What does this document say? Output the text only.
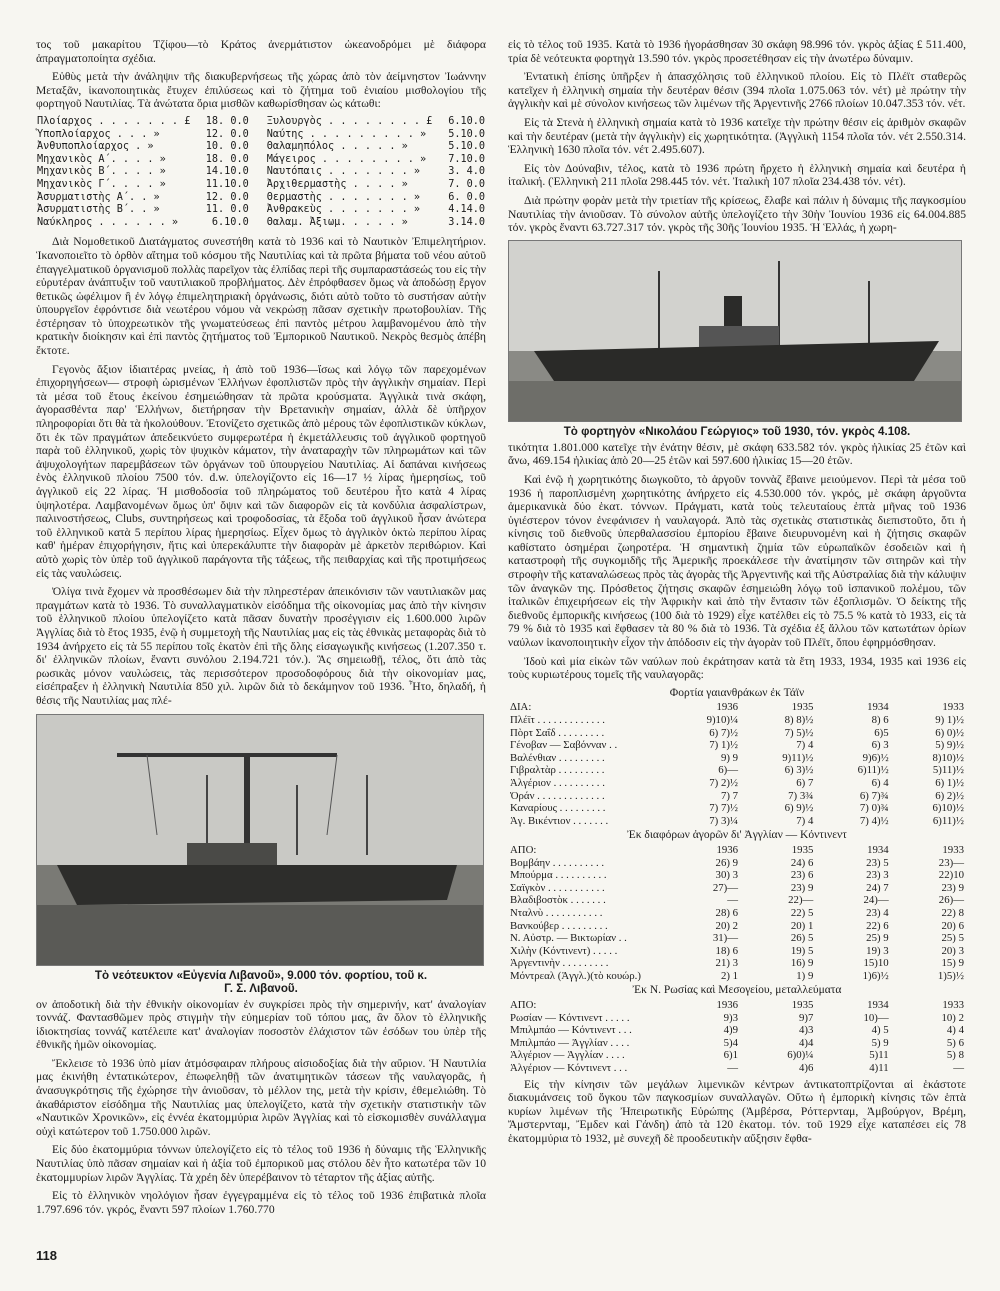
τος τοῦ μακαρίτου Τζίφου—τὸ Κράτος ἀνερμάτιστον ὠκεανοδρόμει μὲ διάφορα ἀπραγματοποίητα σχέδια.

Εὐθὺς μετὰ τὴν ἀνάληψιν τῆς διακυβερνήσεως τῆς χώρας ἀπὸ τὸν ἀείμνηστον Ἰωάννην Μεταξᾶν, ἱκανοποιητικὰς ἔτυχεν ἐπιλύσεως καὶ τὸ ζήτημα τοῦ ἑνιαίου μισθολογίου τῆς φορτηγοῦ Ναυτιλίας. Τὰ ἀνώτατα ὅρια μισθῶν καθωρίσθησαν ὡς κάτωθι:

Πλοίαρχος . . . . . . . £	18. 0.0		Ξυλουργὸς . . . . . . . . £	6.10.0
Ὑποπλοίαρχος . . . »	12. 0.0		Ναύτης . . . . . . . . . »	5.10.0
Ἀνθυποπλοίαρχος . »	10. 0.0		Θαλαμηπόλος . . . . . »	5.10.0
Μηχανικὸς Α΄. . . . »	18. 0.0		Μάγειρος . . . . . . . . »	7.10.0
Μηχανικὸς Β΄. . . . »	14.10.0		Ναυτόπαις . . . . . . . »	3. 4.0
Μηχανικὸς Γ΄. . . . »	11.10.0		Ἀρχιθερμαστὴς . . . . »	7. 0.0
Ἀσυρματιστὴς Α΄. . »	12. 0.0		Θερμαστὴς . . . . . . . »	6. 0.0
Ἀσυρματιστὴς Β΄. . »	11. 0.0		Ἀνθρακεὺς . . . . . . . »	4.14.0
Ναύκληρος . . . . . . »	6.10.0		Θαλαμ. Ἀξιωμ. . . . . »	3.14.0

Διὰ Νομοθετικοῦ Διατάγματος συνεστήθη κατὰ τὸ 1936 καὶ τὸ Ναυτικὸν Ἐπιμελητήριον. Ἱκανοποιεῖτο τὸ ὀρθὸν αἴτημα τοῦ κόσμου τῆς Ναυτιλίας καὶ τὰ πρῶτα βήματα τοῦ νέου αὐτοῦ ἐπαγγελματικοῦ ὀργανισμοῦ πολλὰς παρεῖχον τὰς ἐλπίδας περὶ τῆς συμπαραστάσεώς του εἰς τὴν εὐρυτέραν ἀνάπτυξιν τοῦ ναυτιλιακοῦ προβλήματος. Δὲν ἐπρόφθασεν ὅμως νὰ ἀποδώσῃ ἔργον θετικῶς ὠφέλιμον ἢ ἐν λόγῳ ἐπιμελητηριακὴ ὀργάνωσις, διότι αὐτὸ τοῦτο τὸ συστήσαν αὐτὴν ὑπουργεῖον ἐφρόντισε διὰ νεωτέρου νόμου νὰ νεκρώσῃ πᾶσαν σχετικὴν πρωτοβουλίαν. Τῆς ἐστέρησαν τὸ ὑποχρεωτικὸν τῆς γνωματεύσεως ἐπὶ παντὸς μέτρου λαμβανομένου ἀπὸ τὴν κρατικὴν διοίκησιν καὶ ἐπὶ παντὸς ζητήματος τοῦ Ἐμπορικοῦ Ναυτικοῦ. Νεκρὸς θεσμὸς ἀπέβη ἔκτοτε.

Γεγονὸς ἄξιον ἰδιαιτέρας μνείας, ἡ ἀπὸ τοῦ 1936—ἴσως καὶ λόγῳ τῶν παρεχομένων ἐπιχορηγήσεων— στροφὴ ὡρισμένων Ἑλλήνων ἐφοπλιστῶν πρὸς τὴν ἀγγλικὴν σημαίαν. Περὶ τὰ μέσα τοῦ ἔτους ἐκείνου ἐσημειώθησαν τὰ πρῶτα κρούσματα. Ἀγγλικὰ τινὰ σκάφη, ἀγορασθέντα παρ' Ἑλλήνων, διετήρησαν τὴν Βρετανικὴν σημαίαν, ἀλλὰ δὲ ὑπῆρχον πληροφορίαι ὅτι θὰ τὰ ἠκολούθουν. Ἐτονίζετο σχετικῶς ἀπὸ μέρους τῶν ἐφοπλιστικῶν κύκλων, ὅτι ἐκ τῶν πραγμάτων ἀπεδεικνύετο συμφερωτέρα ἡ ἐκμετάλλευσις τοῦ ἀγγλικοῦ φορτηγοῦ παρὰ τοῦ ἑλληνικοῦ, χωρὶς τὸν ψυχικὸν κάματον, τὴν ἀναταραχὴν τῶν πληρωμάτων καὶ τῶν ἀψυχολογήτων παρεμβάσεων τῶν ὀργάνων τοῦ ὑπουργείου Ναυτιλίας. Αἱ δαπάναι κινήσεως ἑνὸς ἑλληνικοῦ πλοίου 7500 τόν. d.w. ὑπελογίζοντο εἰς 16—17 ½ λίρας ἡμερησίως, τοῦ ἀγγλικοῦ εἰς 22 λίρας. Ἡ μισθοδοσία τοῦ πληρώματος τοῦ δευτέρου ἦτο κατὰ 4 λίρας ὑψηλοτέρα. Λαμβανομένων ὅμως ὑπ' ὄψιν καὶ τῶν διαφορῶν εἰς τὰ κονδύλια ἀσφαλίστρων, παλινοστήσεως, Clubs, συντηρήσεως καὶ τροφοδοσίας, τὰ ἔξοδα τοῦ ἀγγλικοῦ ἦσαν ἀνώτερα τοῦ ἑλληνικοῦ κατὰ 5 περίπου λίρας ἡμερησίως. Εἶχεν ὅμως τὸ ἀγγλικὸν ὀκτὼ περίπου λίρας καθ' ἡμέραν ἐπιχορήγησιν, ἥτις καὶ ὑπερεκάλυπτε τὴν διαφορὰν μὲ ἀρκετὸν περιθώριον. Καὶ αὐτὸ χωρὶς τὸν ὑπὲρ τοῦ ἀγγλικοῦ παράγοντα τῆς τάξεως, τῆς πειθαρχίας καὶ τῆς προτιμήσεως εἰς τὰς ναυλώσεις.

Ὀλίγα τινὰ ἔχομεν νὰ προσθέσωμεν διὰ τὴν πληρεστέραν ἀπεικόνισιν τῶν ναυτιλιακῶν μας πραγμάτων κατὰ τὸ 1936. Τὸ συναλλαγματικὸν εἰσόδημα τῆς οἰκονομίας μας ἀπὸ τὴν κίνησιν τοῦ ἑλληνικοῦ πλοίου ὑπελογίζετο κατὰ πᾶσαν δυνατὴν προσέγγισιν εἰς 1.600.000 λιρῶν Ἀγγλίας διὰ τὸ ἔτος 1935, ἐνῷ ἡ συμμετοχὴ τῆς Ναυτιλίας μας εἰς τὰς ἐθνικὰς μεταφορὰς διὰ τὸ 1934 ἀνήρχετο εἰς τὰ 55 περίπου τοῖς ἑκατὸν ἐπὶ τῆς ὅλης εἰσαγωγικῆς κινήσεως (1.207.350 τ. δι' ἑλληνικῶν πλοίων, ἔναντι συνόλου 2.194.721 τόν.). Ἃς σημειωθῇ, τέλος, ὅτι ἀπὸ τὰς ρωσικὰς μόνον ναυλώσεις, τὰς περισσότερον προσοδοφόρους διὰ τὴν οἰκονομίαν μας, εἰσέπραξεν ἡ ἑλληνικὴ Ναυτιλία 850 χιλ. λιρῶν διὰ τὸ δεκάμηνον τοῦ 1936. Ἦτο, δηλαδή, ἡ θέσις τῆς Ναυτιλίας μας πλέ-

Τὸ νεότευκτον «Εὐγενία Λιβανοῦ», 9.000 τόν. φορτίου, τοῦ κ.
Γ. Σ. Λιβανοῦ.

ον ἀποδοτικὴ διὰ τὴν ἐθνικὴν οἰκονομίαν ἐν συγκρίσει πρὸς τὴν σημερινήν, κατ' ἀναλογίαν τοννάζ. Φαντασθῶμεν πρὸς στιγμὴν τὴν εὐημερίαν τοῦ τόπου μας, ἂν ὅλον τὸ ἑλληνικῆς ἰδιοκτησίας τοννάζ κατέλειπε κατ' ἀναλογίαν ποσοστὸν ἐλάχιστον τῶν ἐσόδων του ὑπὲρ τῆς ἐθνικῆς ἡμῶν οἰκονομίας.

Ἔκλεισε τὸ 1936 ὑπὸ μίαν ἀτμόσφαιραν πλήρους αἰσιοδοξίας διὰ τὴν αὔριον. Ἡ Ναυτιλία μας ἐκινήθη ἐντατικώτερον, ἐπωφεληθῇ τῶν ἀνατιμητικῶν τάσεων τῆς ναυλαγορᾶς, ἡ ἀνασυγκρότησις τῆς ἐχώρησε τὴν ἀνιοῦσαν, τὸ μέλλον της, μετὰ τὴν κρίσιν, ἐθεμελιώθη. Τὸ ἀκαθάριστον εἰσόδημα τῆς Ναυτιλίας μας ὑπελογίζετο, κατὰ τὴν σχετικὴν στατιστικὴν τῶν «Ναυτικῶν Χρονικῶν», εἰς ἐννέα ἑκατομμύρια λιρῶν Ἀγγλίας καὶ τὸ εἰσκομισθὲν συνάλλαγμα οὐχὶ κατώτερον τοῦ 1.750.000 λιρῶν.

Εἰς δύο ἑκατομμύρια τόννων ὑπελογίζετο εἰς τὸ τέλος τοῦ 1936 ἡ δύναμις τῆς Ἑλληνικῆς Ναυτιλίας ὑπὸ πᾶσαν σημαίαν καὶ ἡ ἀξία τοῦ ἐμπορικοῦ μας στόλου δὲν ἦτο κατωτέρα τῶν 10 ἑκατομμυρίων λιρῶν Ἀγγλίας. Τὰ χρέη δὲν ὑπερέβαινον τὸ τέταρτον τῆς ἀξίας αὐτῆς.

Εἰς τὸ ἑλληνικὸν νηολόγιον ἦσαν ἐγγεγραμμένα εἰς τὸ τέλος τοῦ 1936 ἐπιβατικὰ πλοῖα 1.797.696 τόν. γκρός, ἔναντι 597 πλοίων 1.760.770

εἰς τὸ τέλος τοῦ 1935. Κατὰ τὸ 1936 ἠγοράσθησαν 30 σκάφη 98.996 τόν. γκρὸς ἀξίας £ 511.400, τρία δὲ νεότευκτα φορτηγὰ 13.590 τόν. γκρὸς προσετέθησαν εἰς τὴν ἀνωτέρω δύναμιν.

Ἐντατικὴ ἐπίσης ὑπῆρξεν ἡ ἀπασχόλησις τοῦ ἑλληνικοῦ πλοίου. Εἰς τὸ Πλέϊτ σταθερῶς κατεῖχεν ἡ ἑλληνικὴ σημαία τὴν δευτέραν θέσιν (394 πλοῖα 1.075.063 τόν. νέτ) μὲ πρώτην τὴν ἀγγλικὴν καὶ μὲ σύνολον κινήσεως τῶν λιμένων τῆς Ἀργεντινῆς 2766 πλοίων 10.047.353 τόν. νέτ.

Εἰς τὰ Στενὰ ἡ ἑλληνικὴ σημαία κατὰ τὸ 1936 κατεῖχε τὴν πρώτην θέσιν εἰς ἀριθμὸν σκαφῶν καὶ τὴν δευτέραν (μετὰ τὴν ἀγγλικὴν) εἰς χωρητικότητα. (Ἀγγλικὴ 1154 πλοῖα τόν. νέτ 2.550.314. Ἑλληνικὴ 1630 πλοῖα τόν. νέτ 2.495.607).

Εἰς τὸν Δούναβιν, τέλος, κατὰ τὸ 1936 πρώτη ἤρχετο ἡ ἑλληνικὴ σημαία καὶ δευτέρα ἡ ἰταλική. (Ἑλληνικὴ 211 πλοῖα 298.445 τόν. νέτ. Ἰταλικὴ 107 πλοῖα 234.438 τόν. νέτ).

Διὰ πρώτην φορὰν μετὰ τὴν τριετίαν τῆς κρίσεως, ἔλαβε καὶ πάλιν ἡ δύναμις τῆς παγκοσμίου Ναυτιλίας τὴν ἀνιοῦσαν. Τὸ σύνολον αὐτῆς ὑπελογίζετο τὴν 30ὴν Ἰουνίου 1936 εἰς 64.004.885 τόν. γκρὸς ἔναντι 63.727.317 τόν. γκρὸς τῆς 30ῆς Ἰουνίου 1935. Ἡ Ἑλλάς, ἡ χωρη-

Τὸ φορτηγὸν «Νικολάου Γεώργιος» τοῦ 1930, τόν. γκρὸς 4.108.

τικότητα 1.801.000 κατεῖχε τὴν ἐνάτην θέσιν, μὲ σκάφη 633.582 τόν. γκρὸς ἡλικίας 25 ἐτῶν καὶ ἄνω, 469.154 ἡλικίας ἀπὸ 20—25 ἐτῶν καὶ 597.600 ἡλικίας 15—20 ἐτῶν.

Καὶ ἐνῷ ἡ χωρητικότης διωγκοῦτο, τὸ ἀργοῦν τοννὰζ ἔβαινε μειούμενον. Περὶ τὰ μέσα τοῦ 1936 ἡ παροπλισμένη χωρητικότης ἀνήρχετο εἰς 4.530.000 τόν. γκρός, μὲ σκάφη ἀργοῦντα ἀμερικανικὰ δύο ἑκατ. τόννων. Πράγματι, κατὰ τοὺς τελευταίους ἑπτὰ μῆνας τοῦ 1936 ὑγιέστερον τόνον ἐνεφάνισεν ἡ ναυλαγορά. Ἀπὸ τὰς σχετικὰς στατιστικὰς διεπιστοῦτο, ὅτι ἡ κίνησις τοῦ διεθνοῦς ὑπερθαλασσίου ἐμπορίου ἔβαινε διευρυνομένη καὶ ἡ ζήτησις σκαφῶν καθίστατο ὀσημέραι ζωηροτέρα. Ἡ σημαντικὴ ζημία τῶν εὐρωπαϊκῶν ἐσοδειῶν καὶ ἡ καταστροφὴ τῆς συγκομιδῆς τῆς Ἀμερικῆς προεκάλεσε τὴν ἀνατίμησιν τῶν σιτηρῶν καὶ τὴν στροφὴν τῆς καταναλώσεως πρὸς τὰς ἀγορὰς τῆς Ἀργεντινῆς καὶ τῆς Αὐστραλίας διὰ τὴν κάλυψιν τῶν ἀναγκῶν της. Πρόσθετος ζήτησις σκαφῶν ἐσημειώθη λόγῳ τοῦ ἱσπανικοῦ πολέμου, τῶν ἰταλικῶν ἐπιχειρήσεων εἰς τὴν Ἀφρικὴν καὶ ἀπὸ τὴν ἔντασιν τῶν ἐξοπλισμῶν. Ὁ δείκτης τῆς διεθνοῦς ἐμπορικῆς κινήσεως (100 διὰ τὸ 1929) εἶχε κατέλθει εἰς τὸ 75.5 % κατὰ τὸ 1933, εἰς τὰ 79 % διὰ τὸ 1935 καὶ ἔφθασεν τὰ 80 % διὰ τὸ 1936. Τὰ σχέδια ἐξ ἄλλου τῶν κατωτάτων ὁρίων ναύλων ἱκανοποιητικὴν εἶχον τὴν ἀπόδοσιν εἰς τὴν ἀγορὰν τοῦ Πλέϊτ, ὅπου ἐφηρμόσθησαν.

Ἰδοὺ καὶ μία εἰκὼν τῶν ναύλων ποὺ ἐκράτησαν κατὰ τὰ ἔτη 1933, 1934, 1935 καὶ 1936 εἰς τοὺς κυριωτέρους τομεῖς τῆς ναυλαγορᾶς:

Φορτία γαιανθράκων ἐκ Τάϊν
ΔΙΑ:	1936	1935	1934	1933
Πλέϊτ . . . . . . . . . . . . .	9)10)¼	8) 8)½	8) 6	9) 1)½
Πὸρτ Σαΐδ . . . . . . . . .	6) 7)½	7) 5)½	6)5	6) 0)½
Γένοβαν — Σαβόνναν . .	7) 1)½	7) 4	6) 3	5) 9)½
Βαλένθιαν . . . . . . . . .	9) 9	9)11)½	9)6)½	8)10)½
Γιβραλτὰρ . . . . . . . . .	6)—	6) 3)½	6)11)½	5)11)½
Ἀλγέριον . . . . . . . . . .	7) 2)½	6) 7	6) 4	6) 1)½
Ὀράν . . . . . . . . . . . . .	7) 7	7) 3¾	6) 7)¾	6) 2)½
Καναρίους . . . . . . . . .	7) 7)½	6) 9)½	7) 0)¾	6)10)½
Ἀγ. Βικέντιον . . . . . . .	7) 3)¼	7) 4	7) 4)½	6)11)½
Ἐκ διαφόρων ἀγορῶν δι' Ἀγγλίαν — Κόντινεντ
ΑΠΟ:	1936	1935	1934	1933
Βομβάην . . . . . . . . . .	26) 9	24) 6	23) 5	23)—
Μπούρμα . . . . . . . . . .	30) 3	23) 6	23) 3	22)10
Σαϊγκὸν . . . . . . . . . . .	27)—	23) 9	24) 7	23) 9
Βλαδιβοστὸκ . . . . . . .	—	22)—	24)—	26)—
Νταλνὺ . . . . . . . . . . .	28) 6	22) 5	23) 4	22) 8
Βανκούβερ . . . . . . . . .	20) 2	20) 1	22) 6	20) 6
Ν. Αὐστρ. — Βικτωρίαν . .	31)—	26) 5	25) 9	25) 5
Χιλὴν (Κόντινεντ) . . . . .	18) 6	19) 5	19) 3	20) 3
Ἀργεντινὴν . . . . . . . . .	21) 3	16) 9	15)10	15) 9
Μόντρεαλ (Ἀγγλ.)(τὸ κουώρ.)	2) 1	1) 9	1)6)½	1)5)½
Ἐκ Ν. Ρωσίας καὶ Μεσογείου, μεταλλεύματα
ΑΠΟ:	1936	1935	1934	1933
Ρωσίαν — Κόντινεντ . . . . .	9)3	9)7	10)—	10) 2
Μπιλμπάο — Κόντινεντ . . .	4)9	4)3	4) 5	4) 4
Μπιλμπάο — Ἀγγλίαν . . . .	5)4	4)4	5) 9	5) 6
Ἀλγέριον — Ἀγγλίαν . . . .	6)1	6)0)¼	5)11	5) 8
Ἀλγέριον — Κόντινεντ . . .	—	4)6	4)11	—

Εἰς τὴν κίνησιν τῶν μεγάλων λιμενικῶν κέντρων ἀντικατοπτρίζονται αἱ ἑκάστοτε διακυμάνσεις τοῦ ὄγκου τῶν παγκοσμίων συναλλαγῶν. Οὕτω ἡ ἐμπορικὴ κίνησις τῶν ἑπτὰ κυρίων λιμένων τῆς Ἠπειρωτικῆς Εὐρώπης (Ἀμβέρσα, Ρόττερνταμ, Ἀμβούργον, Βρέμη, Ἄμστερνταμ, Ἔμδεν καὶ Γάνδη) ἀπὸ τὰ 120 ἑκατομ. τόν. τοῦ 1929 εἶχε καταπέσει εἰς 78 ἑκατομμύρια τὸ 1932, μὲ συνεχῆ δὲ προοδευτικὴν αὔξησιν ἔφθα-

118
